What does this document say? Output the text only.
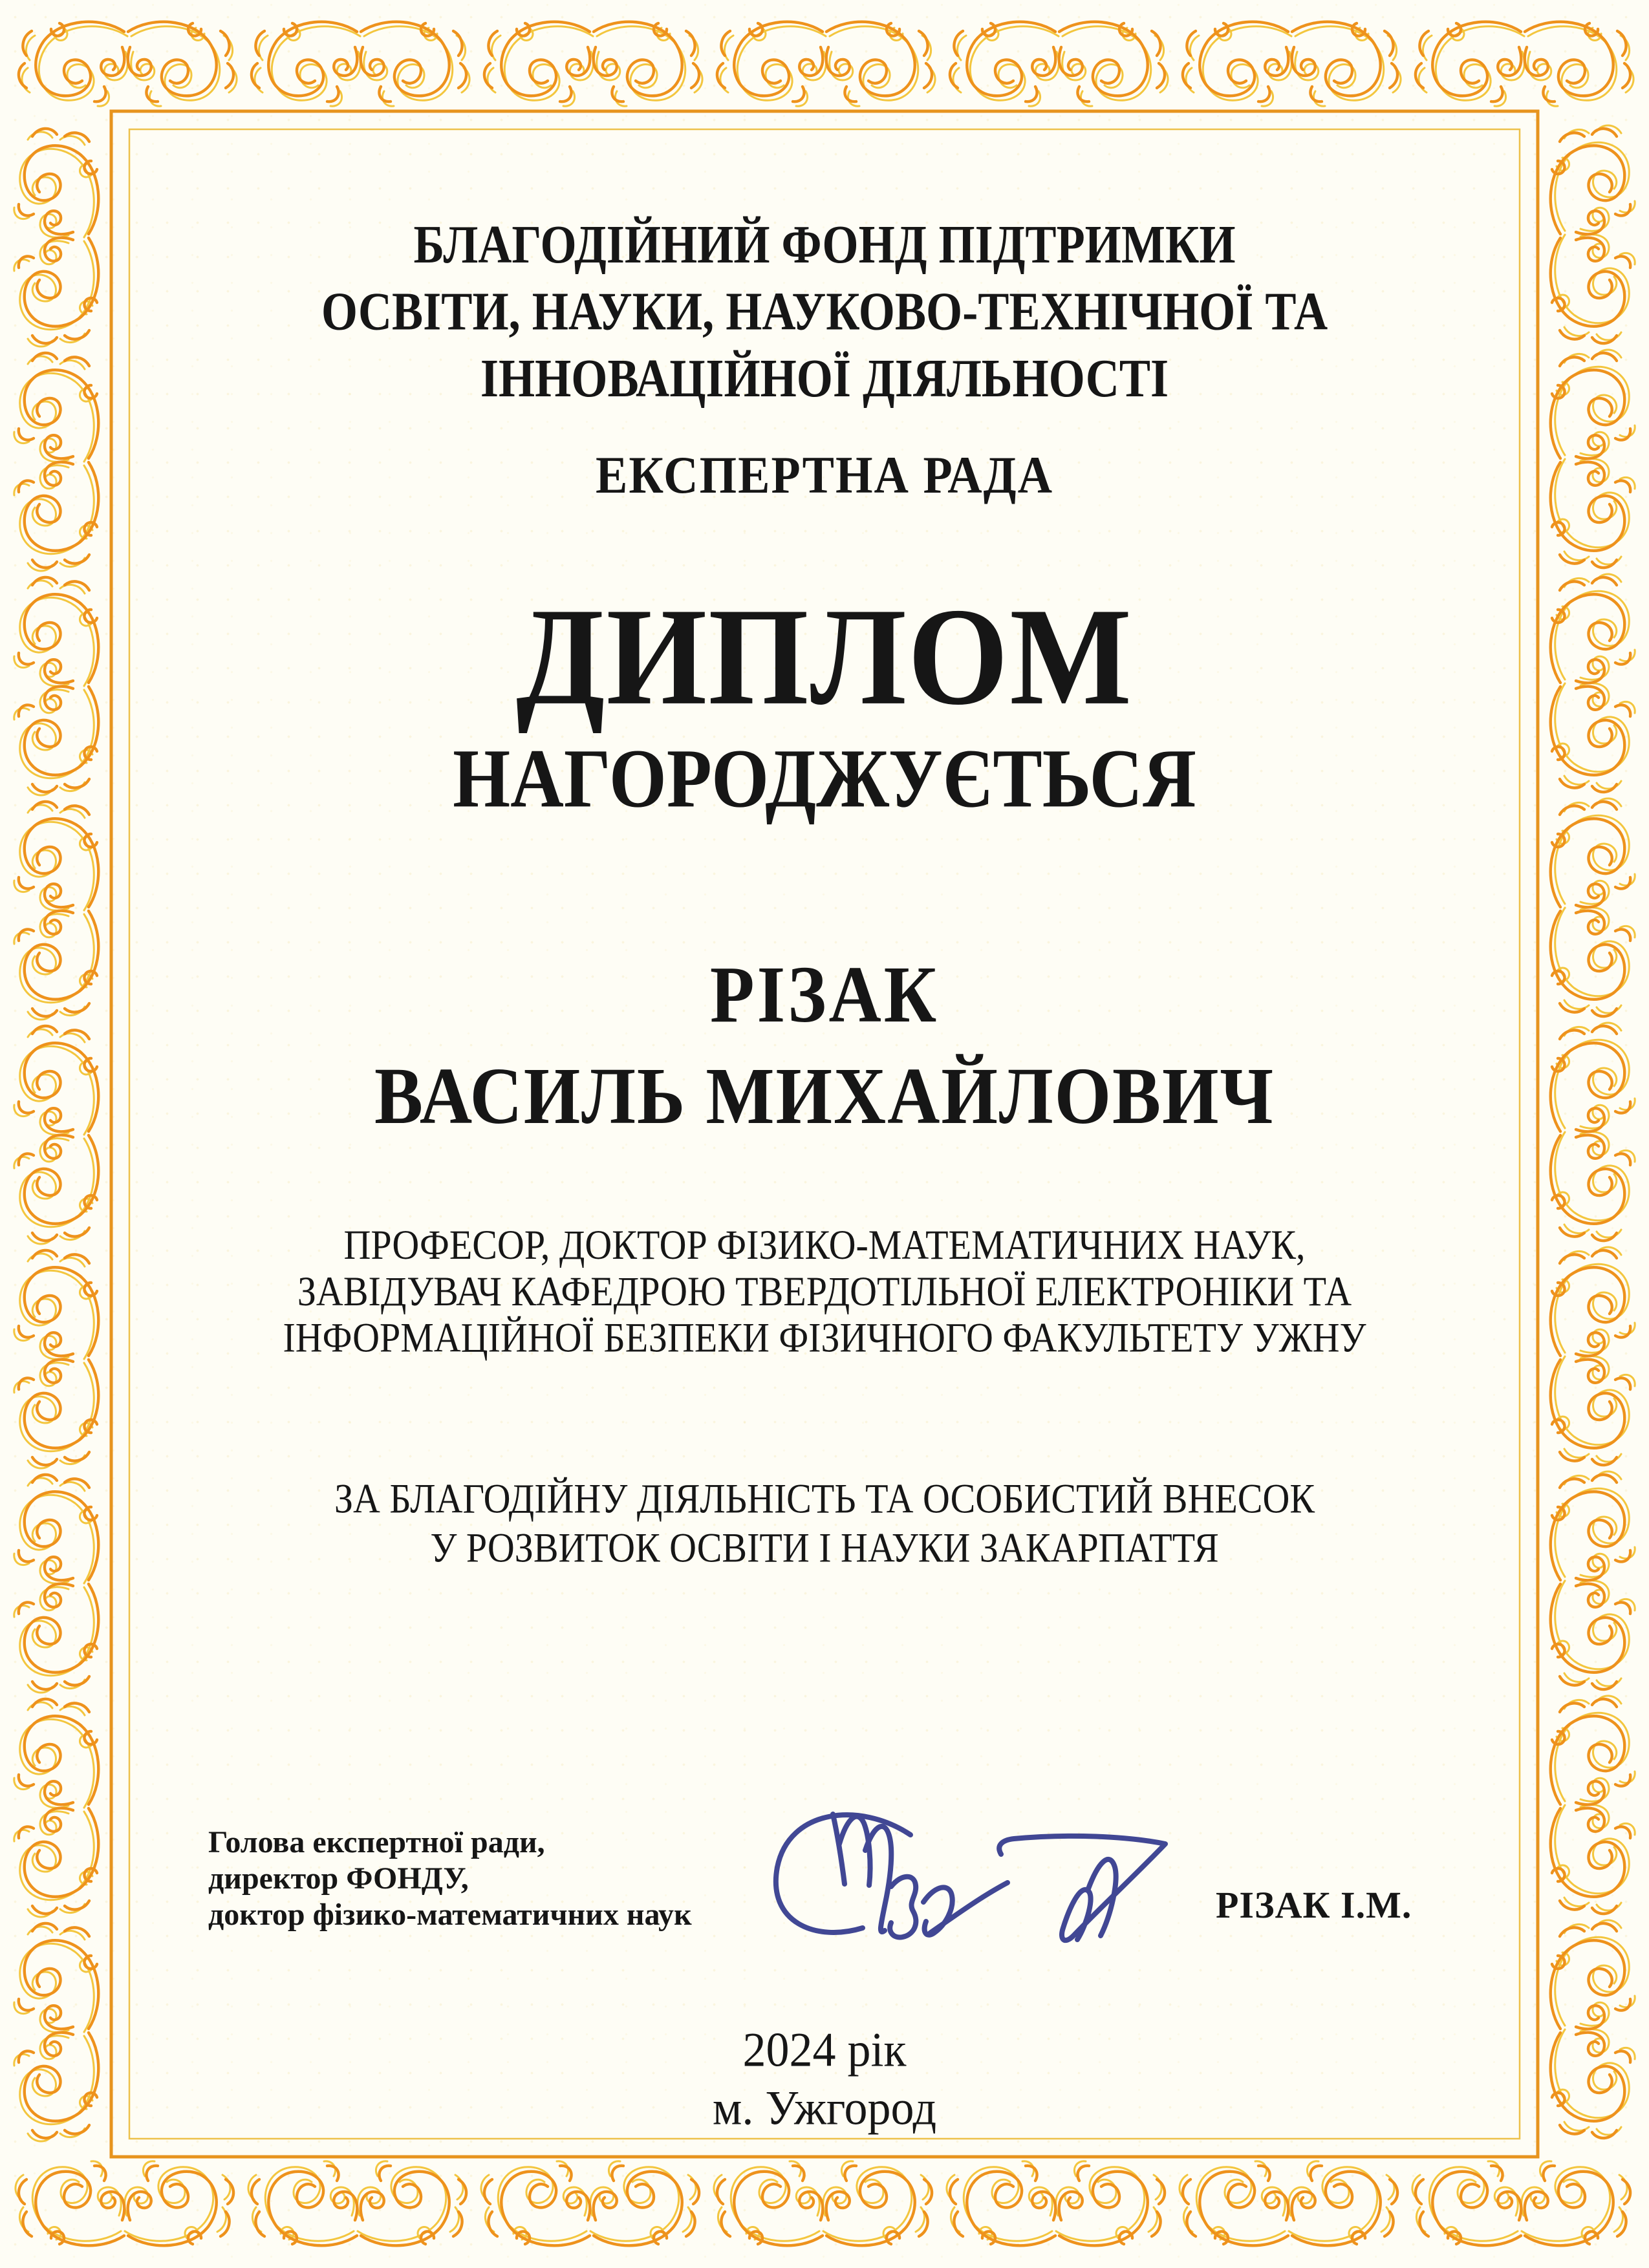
БЛАГОДІЙНИЙ ФОНД ПІДТРИМКИ
ОСВІТИ, НАУКИ, НАУКОВО-ТЕХНІЧНОЇ ТА
ІННОВАЦІЙНОЇ ДІЯЛЬНОСТІ
ЕКСПЕРТНА РАДА
ДИПЛОМ
НАГОРОДЖУЄТЬСЯ
РІЗАК
ВАСИЛЬ МИХАЙЛОВИЧ
ПРОФЕСОР, ДОКТОР ФІЗИКО-МАТЕМАТИЧНИХ НАУК,
ЗАВІДУВАЧ КАФЕДРОЮ ТВЕРДОТІЛЬНОЇ ЕЛЕКТРОНІКИ ТА
ІНФОРМАЦІЙНОЇ БЕЗПЕКИ ФІЗИЧНОГО ФАКУЛЬТЕТУ УЖНУ
ЗА БЛАГОДІЙНУ ДІЯЛЬНІСТЬ ТА ОСОБИСТИЙ ВНЕСОК
У РОЗВИТОК ОСВІТИ І НАУКИ ЗАКАРПАТТЯ
Голова експертної ради,
директор ФОНДУ,
доктор фізико-математичних наук	РІЗАК І.М.
2024 рік
м. Ужгород
